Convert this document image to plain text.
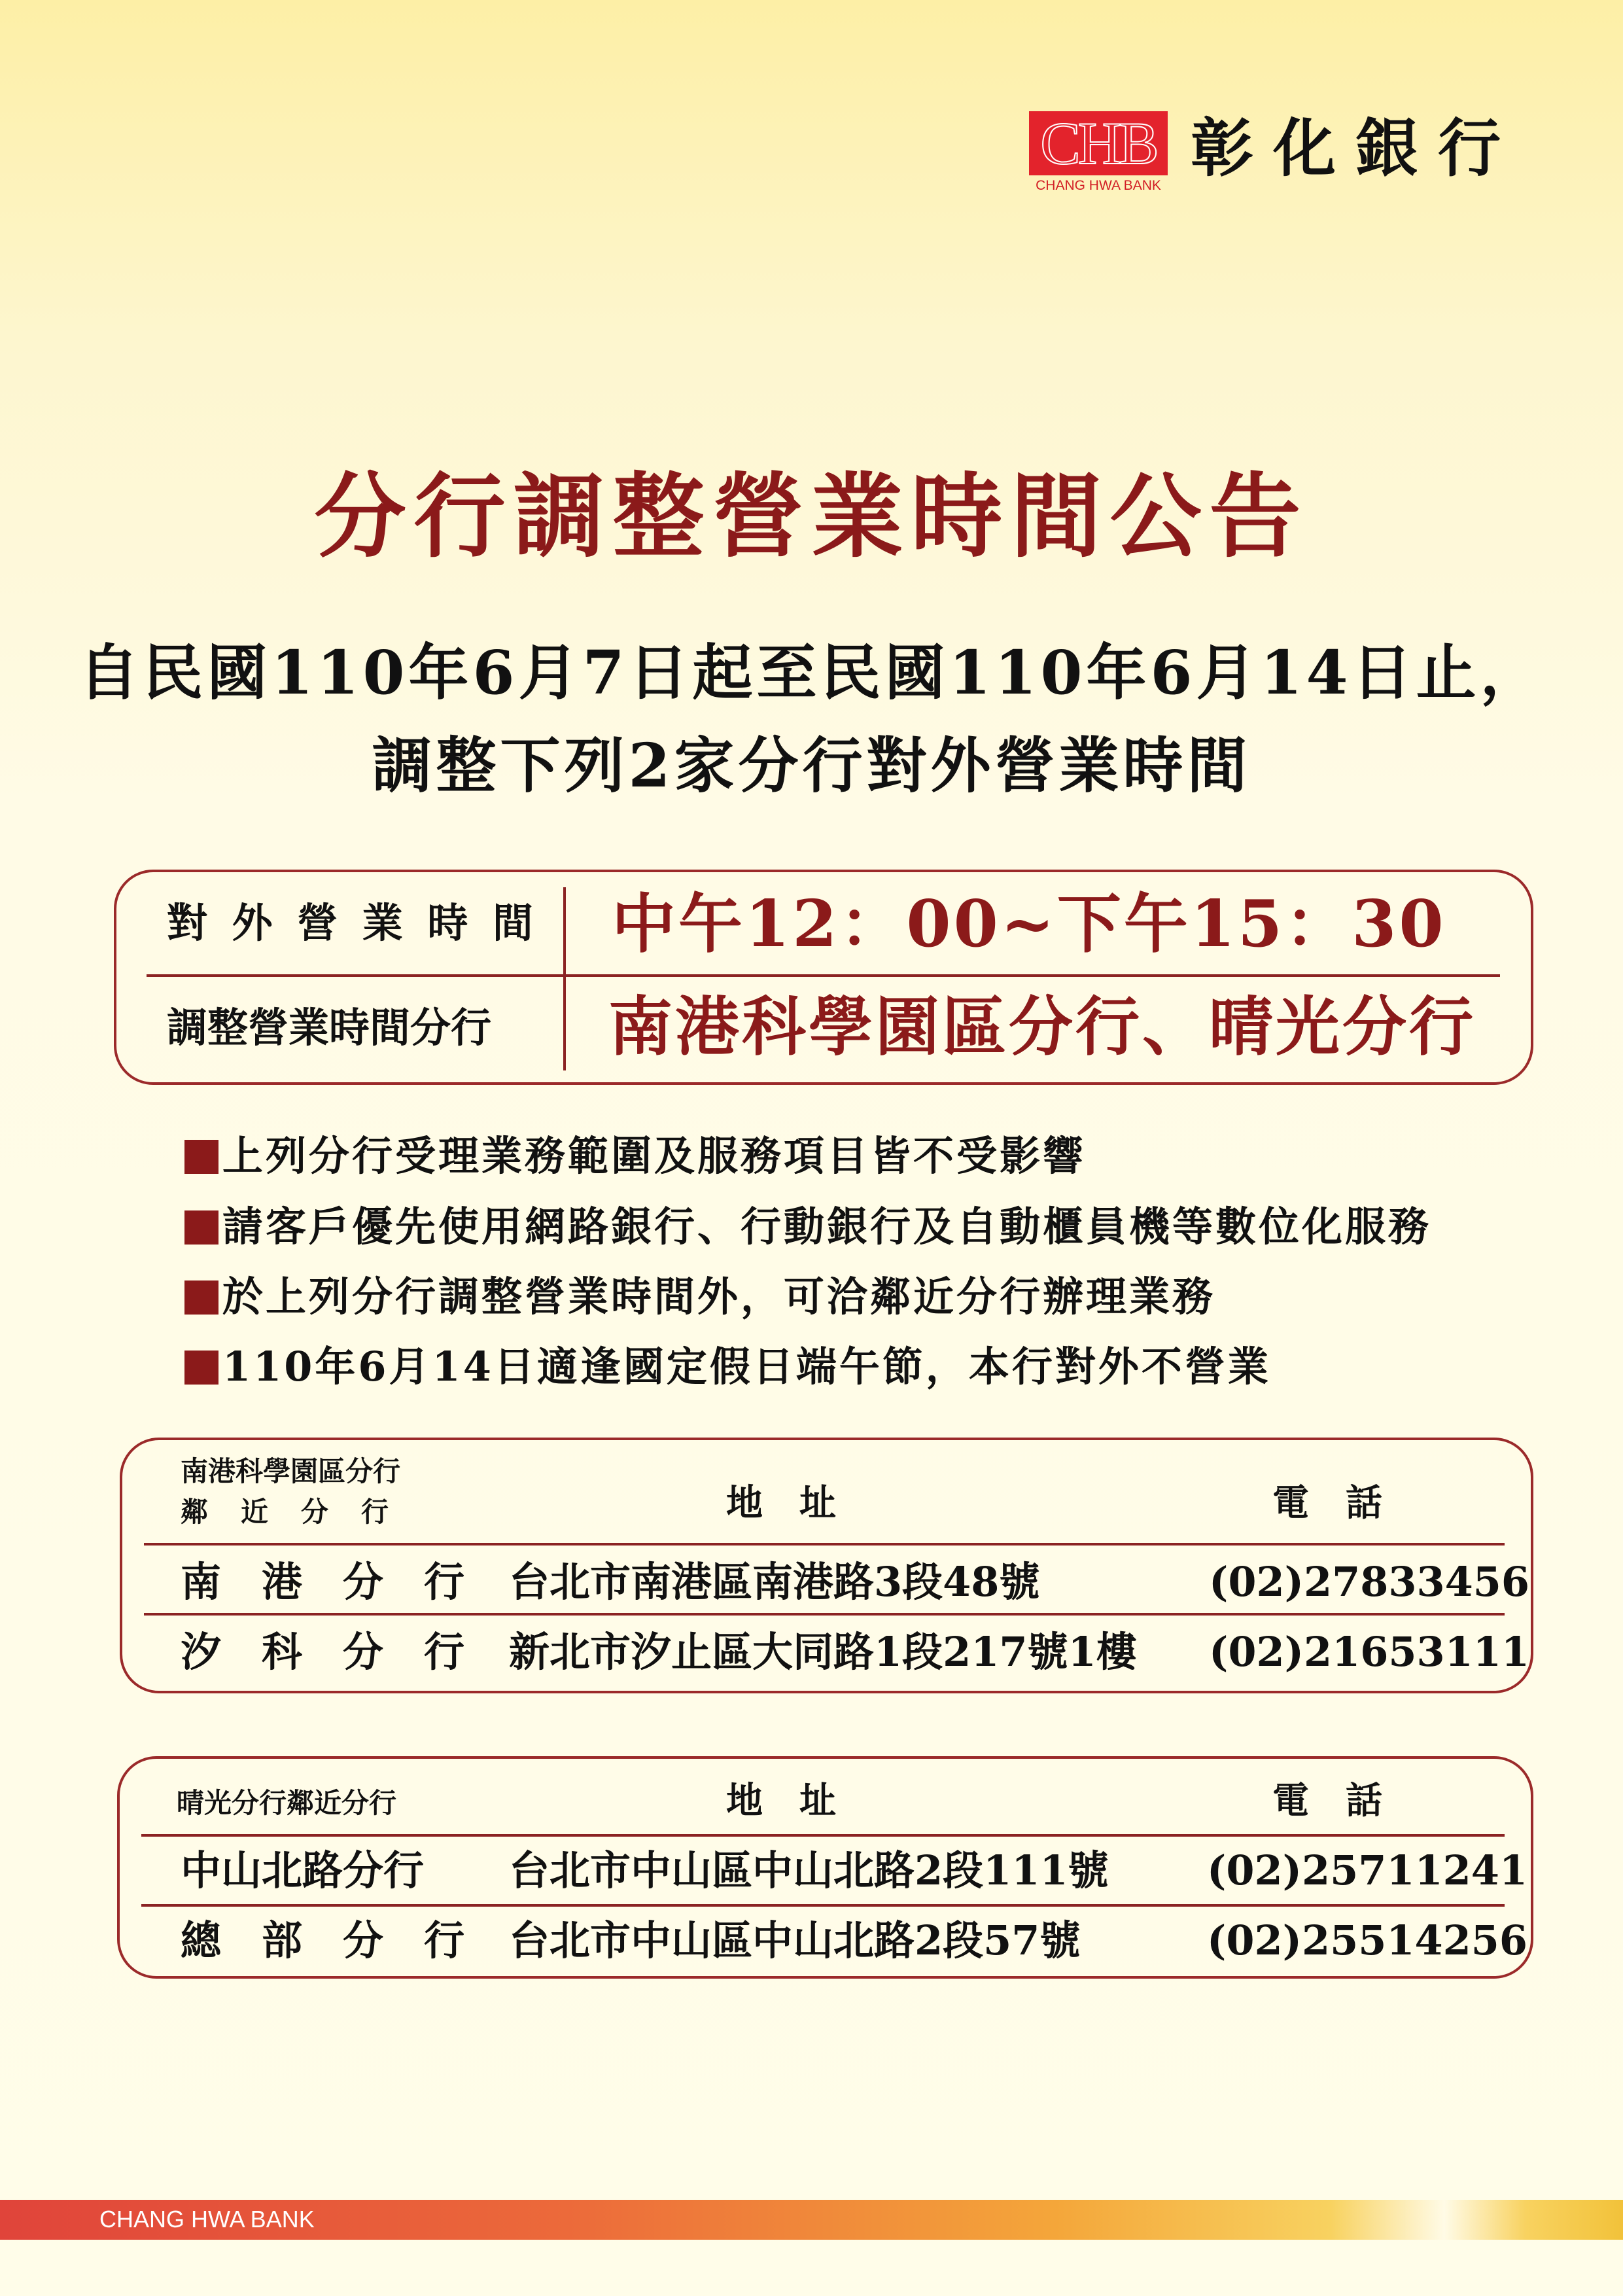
CHB
CHANG HWA BANK
彰化銀行
分行調整營業時間公告
自民國110年6月7日起至民國110年6月14日止，
調整下列2家分行對外營業時間
對 外 營 業 時 間 中午12：00~下午15：30
調整營業時間分行 南港科學園區分行、晴光分行
上列分行受理業務範圍及服務項目皆不受影響
請客戶優先使用網路銀行、行動銀行及自動櫃員機等數位化服務
於上列分行調整營業時間外，可洽鄰近分行辦理業務
110年6月14日適逢國定假日端午節，本行對外不營業
南港科學園區分行
鄰　近　分　行	地　址	電　話
南　港　分　行 台北市南港區南港路3段48號	(02)27833456
汐　科　分　行 新北市汐止區大同路1段217號1樓 (02)21653111
晴光分行鄰近分行	地　址	電　話
中山北路分行 台北市中山區中山北路2段111號 (02)25711241
總　部　分　行 台北市中山區中山北路2段57號	(02)25514256
CHANG HWA BANK
